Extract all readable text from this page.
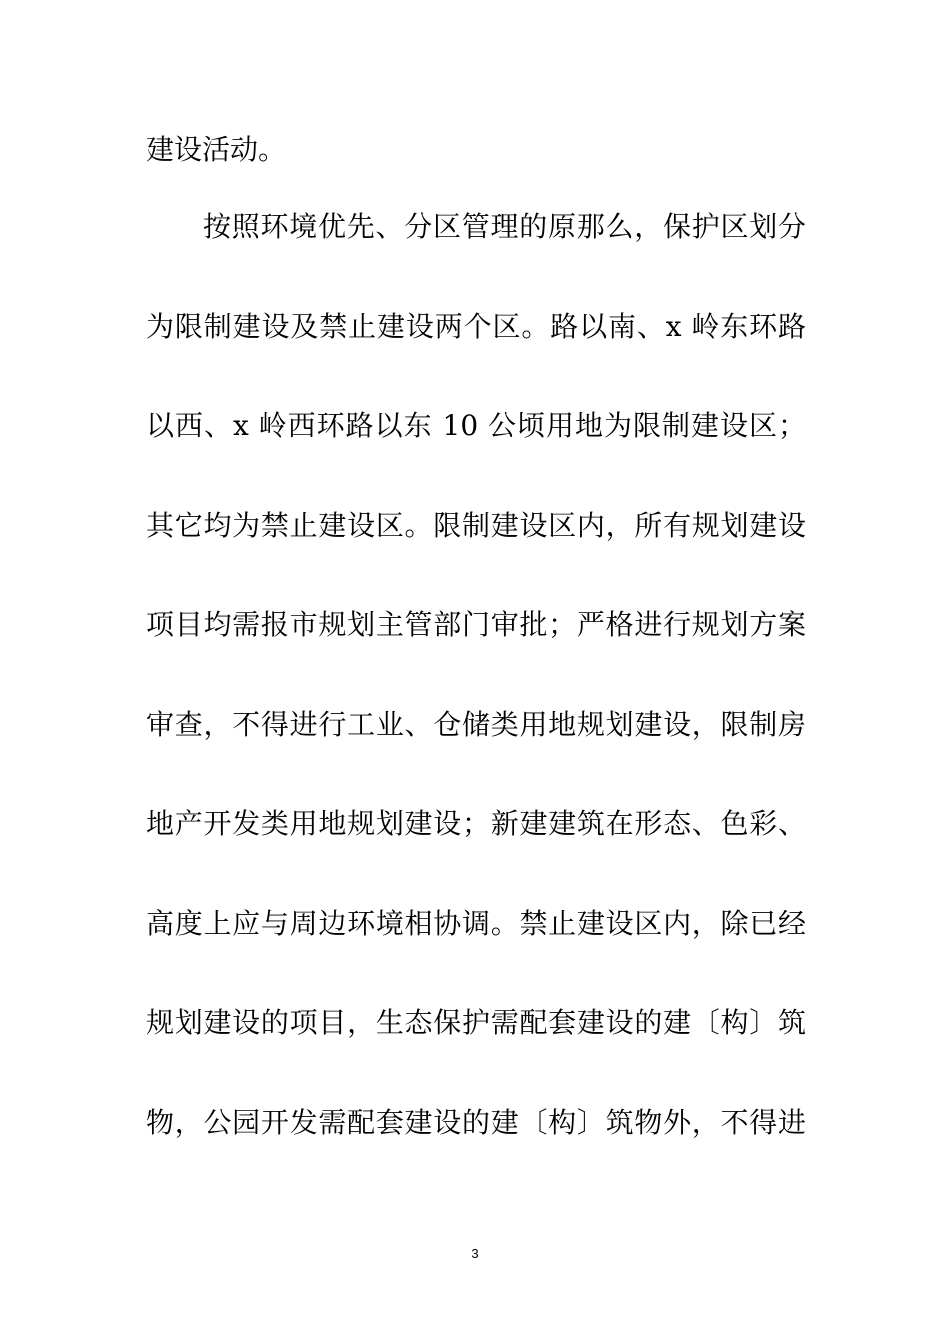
建设活动。
按照环境优先、分区管理的原那么，保护区划分
为限制建设及禁止建设两个区。路以南、x 岭东环路
以西、x 岭西环路以东 10 公顷用地为限制建设区；
其它均为禁止建设区。限制建设区内，所有规划建设
项目均需报市规划主管部门审批；严格进行规划方案
审查，不得进行工业、仓储类用地规划建设，限制房
地产开发类用地规划建设；新建建筑在形态、色彩、
高度上应与周边环境相协调。禁止建设区内，除已经
规划建设的项目，生态保护需配套建设的建〔构〕筑
物，公园开发需配套建设的建〔构〕筑物外，不得进
3
